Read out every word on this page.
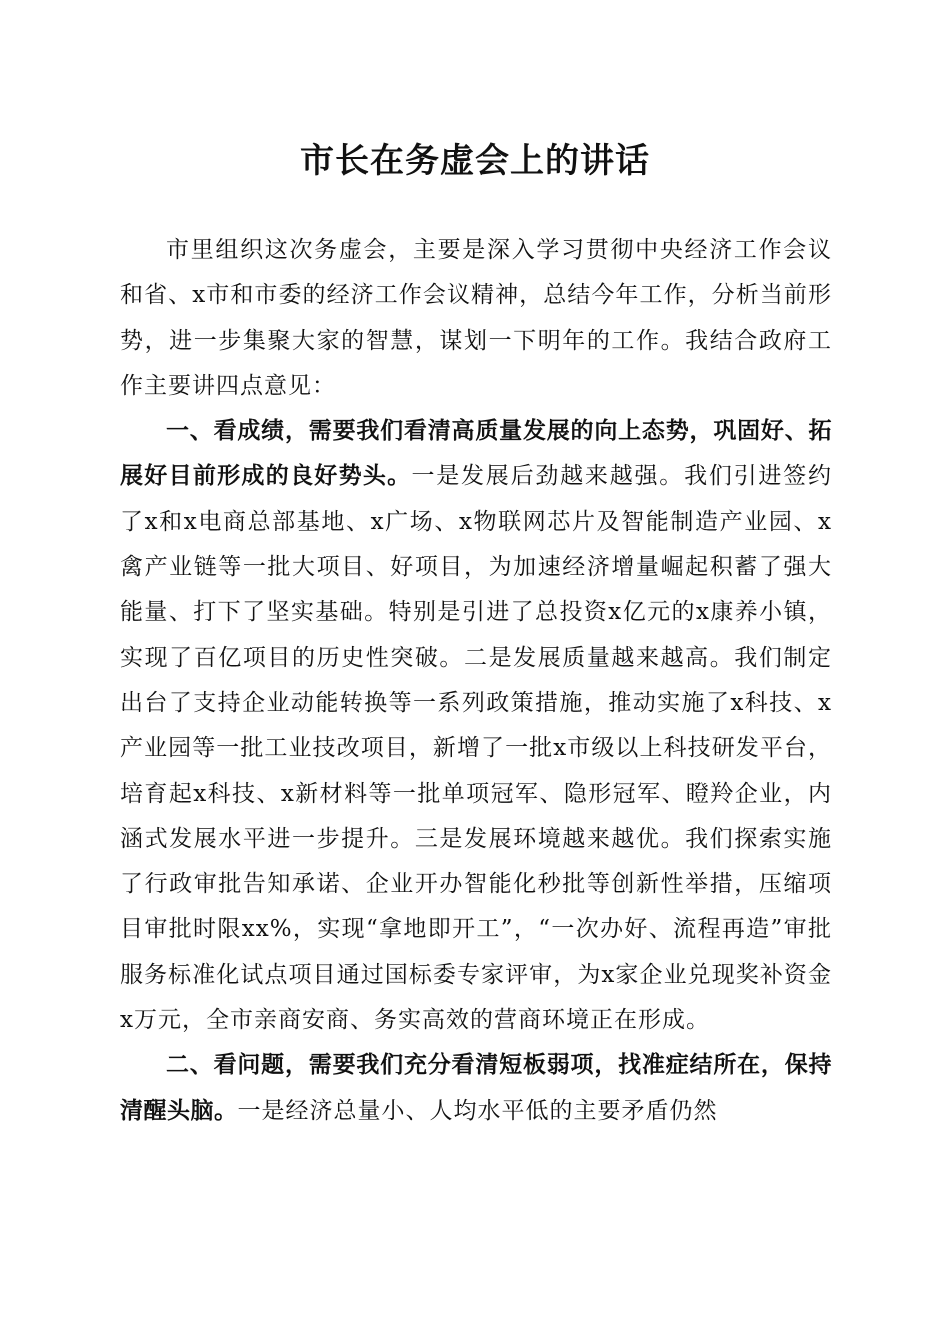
市长在务虚会上的讲话

市里组织这次务虚会，主要是深入学习贯彻中央经济工作会议和省、x市和市委的经济工作会议精神，总结今年工作，分析当前形势，进一步集聚大家的智慧，谋划一下明年的工作。我结合政府工作主要讲四点意见：

一、看成绩，需要我们看清高质量发展的向上态势，巩固好、拓展好目前形成的良好势头。一是发展后劲越来越强。我们引进签约了x和x电商总部基地、x广场、x物联网芯片及智能制造产业园、x禽产业链等一批大项目、好项目，为加速经济增量崛起积蓄了强大能量、打下了坚实基础。特别是引进了总投资x亿元的x康养小镇，实现了百亿项目的历史性突破。二是发展质量越来越高。我们制定出台了支持企业动能转换等一系列政策措施，推动实施了x科技、x产业园等一批工业技改项目，新增了一批x市级以上科技研发平台，培育起x科技、x新材料等一批单项冠军、隐形冠军、瞪羚企业，内涵式发展水平进一步提升。三是发展环境越来越优。我们探索实施了行政审批告知承诺、企业开办智能化秒批等创新性举措，压缩项目审批时限xx%，实现“拿地即开工”，“一次办好、流程再造”审批服务标准化试点项目通过国标委专家评审，为x家企业兑现奖补资金x万元，全市亲商安商、务实高效的营商环境正在形成。

二、看问题，需要我们充分看清短板弱项，找准症结所在，保持清醒头脑。一是经济总量小、人均水平低的主要矛盾仍然
